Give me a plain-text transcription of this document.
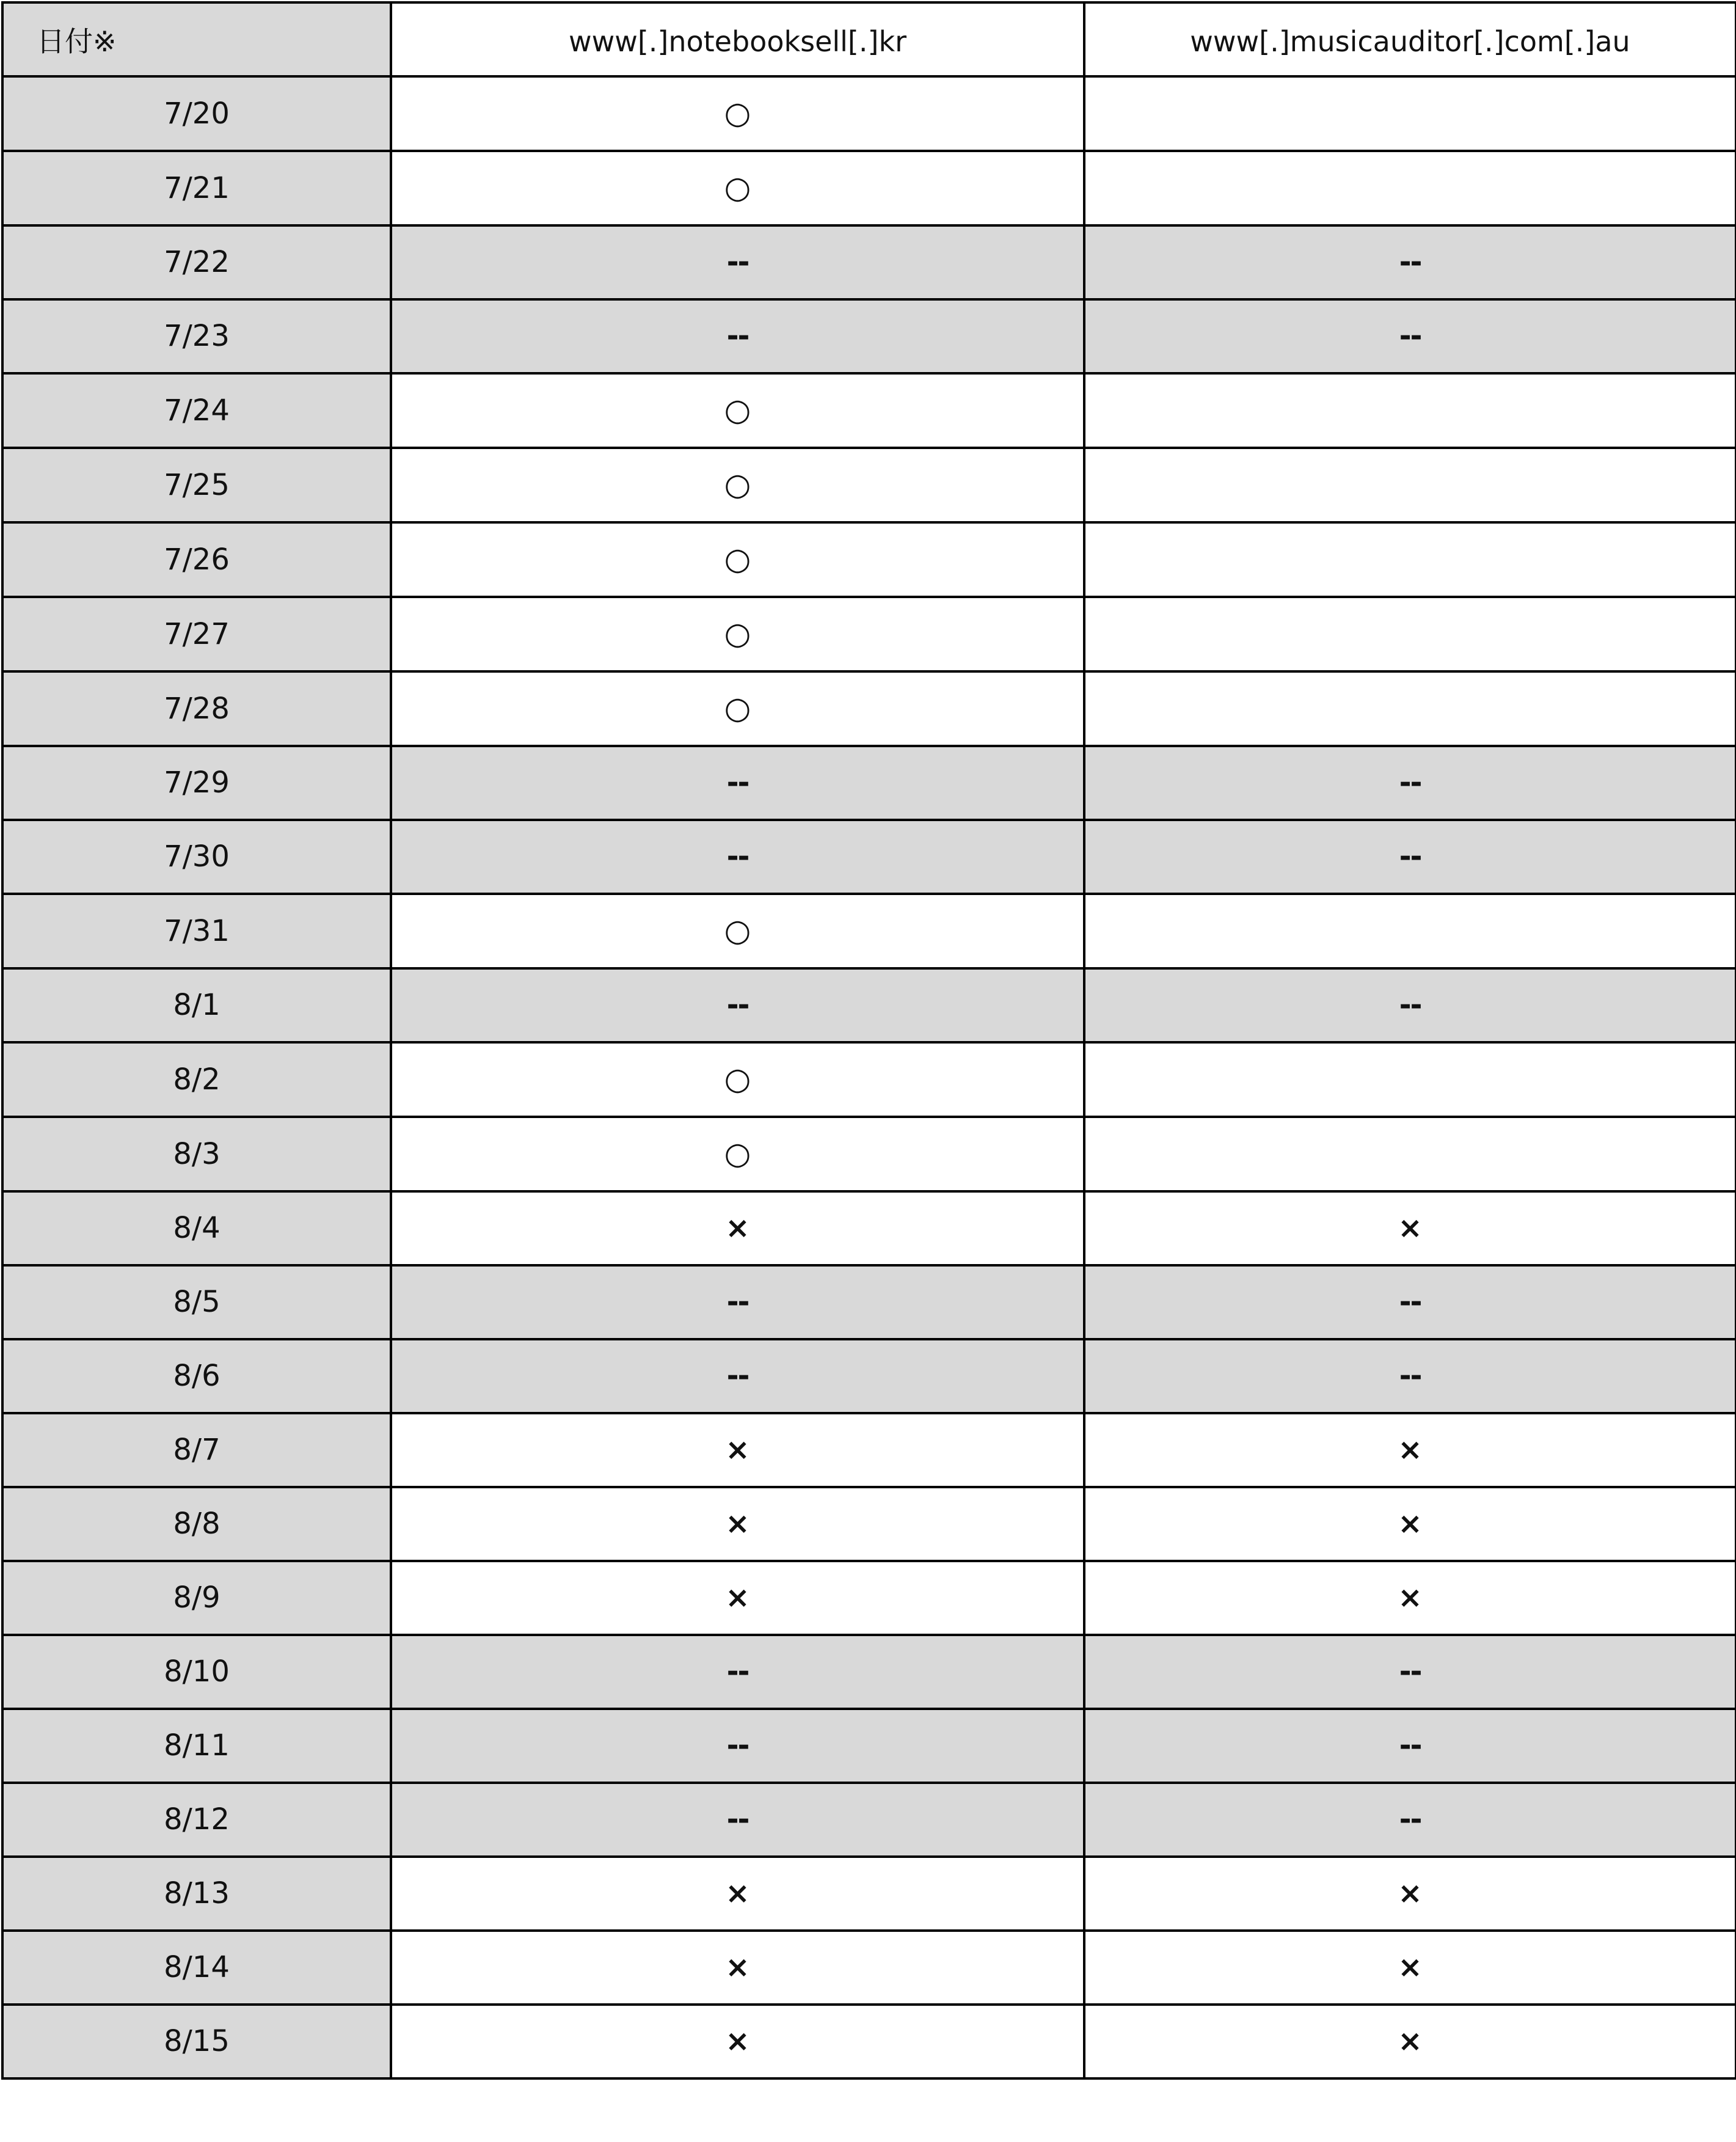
日付※	www[.]notebooksell[.]kr	www[.]musicauditor[.]com[.]au
7/20	○	
7/21	○	
7/22	--	--
7/23	--	--
7/24	○	
7/25	○	
7/26	○	
7/27	○	
7/28	○	
7/29	--	--
7/30	--	--
7/31	○	
8/1	--	--
8/2	○	
8/3	○	
8/4	×	×
8/5	--	--
8/6	--	--
8/7	×	×
8/8	×	×
8/9	×	×
8/10	--	--
8/11	--	--
8/12	--	--
8/13	×	×
8/14	×	×
8/15	×	×
